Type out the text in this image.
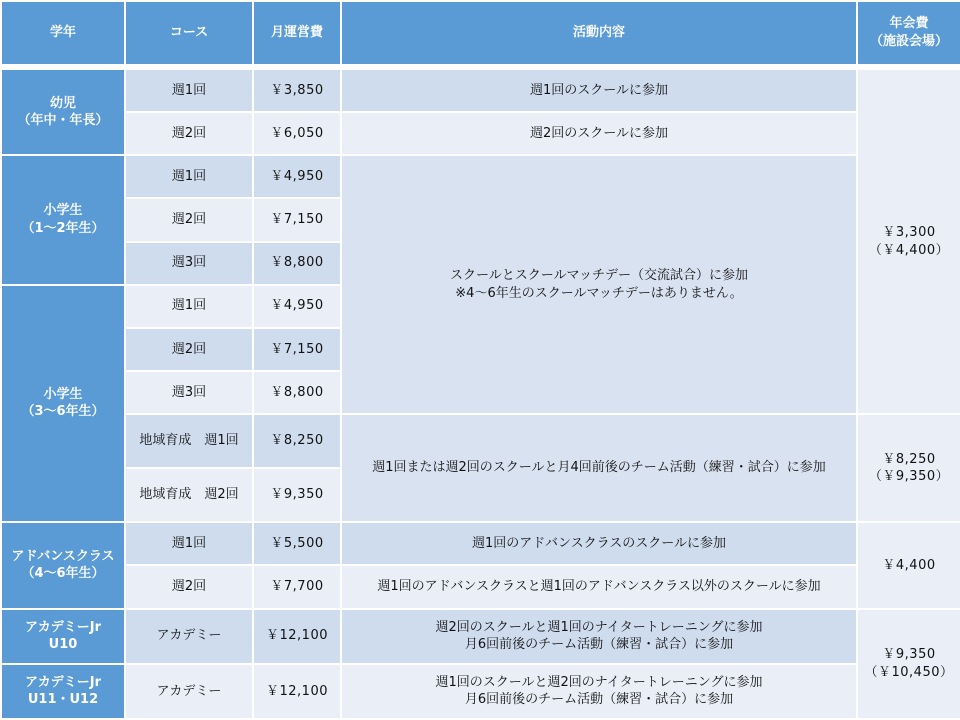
学年	コース	月運営費	活動内容	年会費
（施設会場）

幼児
（年中・年長）	週1回	￥3,850	週1回のスクールに参加	￥3,300
（￥4,400）
	週2回	￥6,050	週2回のスクールに参加	
小学生
（1～2年生）	週1回	￥4,950	スクールとスクールマッチデー（交流試合）に参加
※4～6年生のスクールマッチデーはありません。	
	週2回	￥7,150		
	週3回	￥8,800		
小学生
（3～6年生）	週1回	￥4,950		
	週2回	￥7,150		
	週3回	￥8,800		
	地域育成　週1回	￥8,250	週1回または週2回のスクールと月4回前後のチーム活動（練習・試合）に参加	￥8,250
（￥9,350）
	地域育成　週2回	￥9,350		
アドバンスクラス
（4～6年生）	週1回	￥5,500	週1回のアドバンスクラスのスクールに参加	￥4,400
	週2回	￥7,700	週1回のアドバンスクラスと週1回のアドバンスクラス以外のスクールに参加	
アカデミーJr
U10	アカデミー	￥12,100	週2回のスクールと週1回のナイタートレーニングに参加
月6回前後のチーム活動（練習・試合）に参加	￥9,350
（￥10,450）
アカデミーJr
U11・U12	アカデミー	￥12,100	週1回のスクールと週2回のナイタートレーニングに参加
月6回前後のチーム活動（練習・試合）に参加	
